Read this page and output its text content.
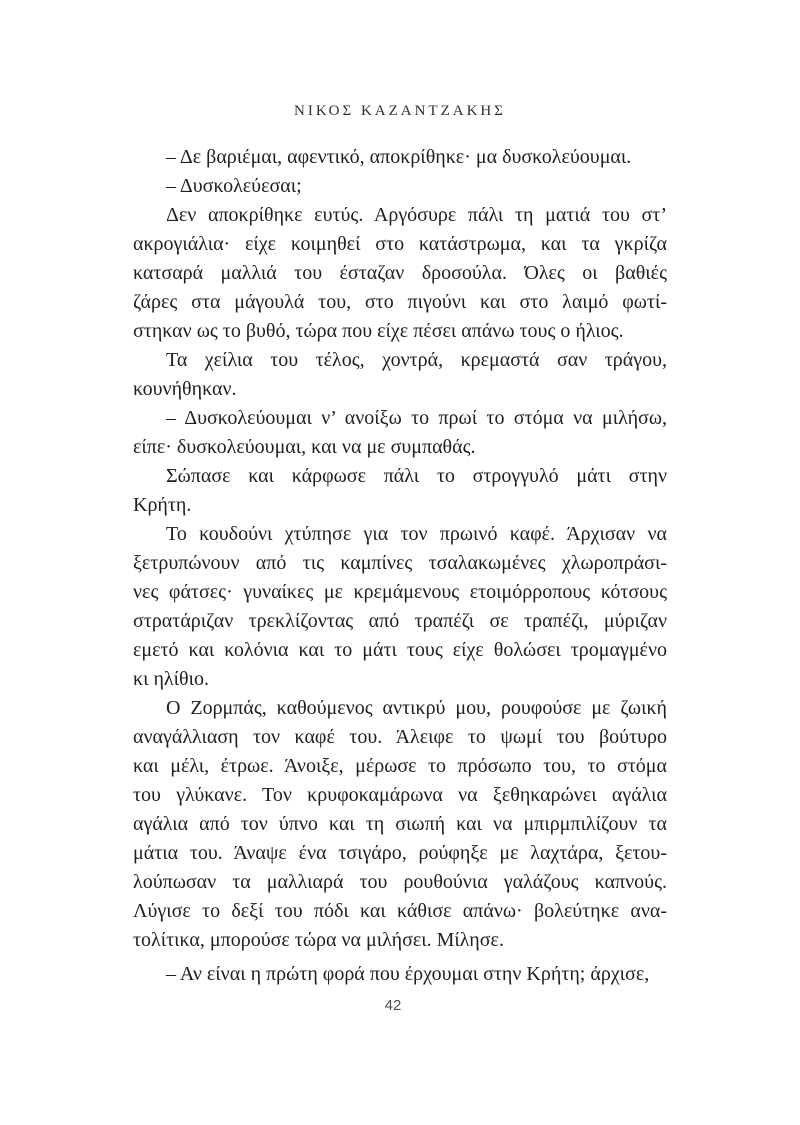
ΝΙΚΟΣ ΚΑΖΑΝΤΖΑΚΗΣ
– Δε βαριέμαι, αφεντικό, αποκρίθηκε· μα δυσκολεύουμαι.
– Δυσκολεύεσαι;
Δεν αποκρίθηκε ευτύς. Αργόσυρε πάλι τη ματιά του στ’
ακρογιάλια· είχε κοιμηθεί στο κατάστρωμα, και τα γκρίζα
κατσαρά μαλλιά του έσταζαν δροσούλα. Όλες οι βαθιές
ζάρες στα μάγουλά του, στο πιγούνι και στο λαιμό φωτί-
στηκαν ως το βυθό, τώρα που είχε πέσει απάνω τους ο ήλιος.
Τα χείλια του τέλος, χοντρά, κρεμαστά σαν τράγου,
κουνήθηκαν.
– Δυσκολεύουμαι ν’ ανοίξω το πρωί το στόμα να μιλήσω,
είπε· δυσκολεύουμαι, και να με συμπαθάς.
Σώπασε και κάρφωσε πάλι το στρογγυλό μάτι στην
Κρήτη.
Το κουδούνι χτύπησε για τον πρωινό καφέ. Άρχισαν να
ξετρυπώνουν από τις καμπίνες τσαλακωμένες χλωροπράσι-
νες φάτσες· γυναίκες με κρεμάμενους ετοιμόρροπους κότσους
στρατάριζαν τρεκλίζοντας από τραπέζι σε τραπέζι, μύριζαν
εμετό και κολόνια και το μάτι τους είχε θολώσει τρομαγμένο
κι ηλίθιο.
Ο Ζορμπάς, καθούμενος αντικρύ μου, ρουφούσε με ζωική
αναγάλλιαση τον καφέ του. Άλειφε το ψωμί του βούτυρο
και μέλι, έτρωε. Άνοιξε, μέρωσε το πρόσωπο του, το στόμα
του γλύκανε. Τον κρυφοκαμάρωνα να ξεθηκαρώνει αγάλια
αγάλια από τον ύπνο και τη σιωπή και να μπιρμπιλίζουν τα
μάτια του. Άναψε ένα τσιγάρο, ρούφηξε με λαχτάρα, ξετου-
λούπωσαν τα μαλλιαρά του ρουθούνια γαλάζους καπνούς.
Λύγισε το δεξί του πόδι και κάθισε απάνω· βολεύτηκε ανα-
τολίτικα, μπορούσε τώρα να μιλήσει. Μίλησε.
– Αν είναι η πρώτη φορά που έρχουμαι στην Κρήτη; άρχισε,
42
